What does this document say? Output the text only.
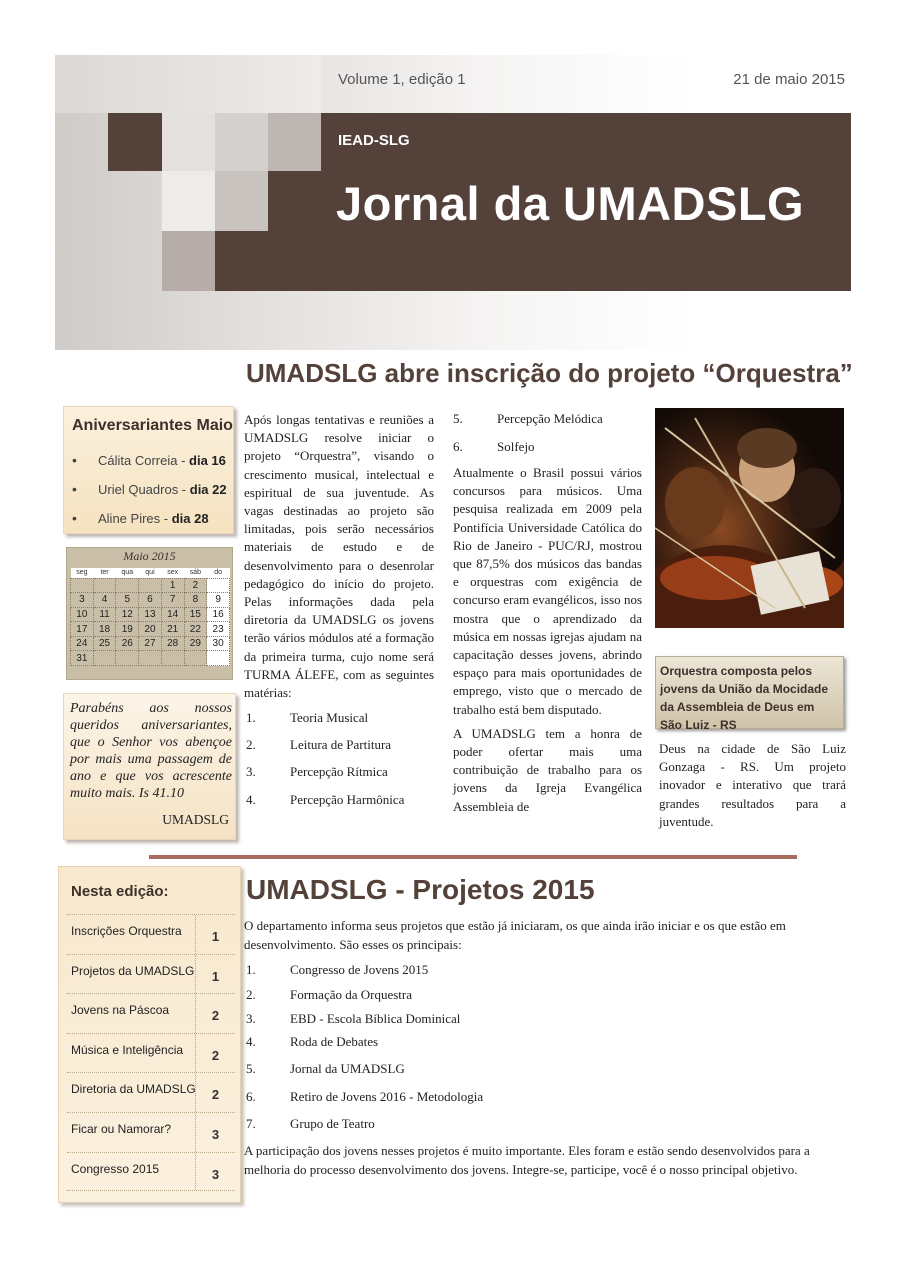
Volume 1, edição 1	21 de maio 2015
IEAD-SLG
Jornal da UMADSLG
UMADSLG abre inscrição do projeto “Orquestra”
Aniversariantes Maio
• Cálita Correia - dia 16
• Uriel Quadros - dia 22
• Aline Pires - dia 28
Maio 2015
seg	ter	qua	qui	sex	sáb	do
				1	2	
3	4	5	6	7	8	9
10	11	12	13	14	15	16
17	18	19	20	21	22	23
24	25	26	27	28	29	30
31						
Parabéns aos nossos queridos aniversariantes, que o Senhor vos abençoe por mais uma passagem de ano e que vos acrescente muito mais. Is 41.10
UMADSLG
Após longas tentativas e reuniões a UMADSLG resolve iniciar o projeto “Orquestra”, visando o crescimento musical, intelectual e espiritual de sua juventude. As vagas destinadas ao projeto são limitadas, pois serão necessários materiais de estudo e de desenvolvimento para o desenrolar pedagógico do início do projeto. Pelas informações dada pela diretoria da UMADSLG os jovens terão vários módulos até a formação da primeira turma, cujo nome será TURMA ÁLEFE, com as seguintes matérias:
1.	Teoria Musical
2.	Leitura de Partitura
3.	Percepção Rítmica
4.	Percepção Harmônica
5.	Percepção Melódica
6.	Solfejo
Atualmente o Brasil possui vários concursos para músicos. Uma pesquisa realizada em 2009 pela Pontifícia Universidade Católica do Rio de Janeiro - PUC/RJ, mostrou que 87,5% dos músicos das bandas e orquestras com exigência de concurso eram evangélicos, isso nos mostra que o aprendizado da música em nossas igrejas ajudam na capacitação desses jovens, abrindo espaço para mais oportunidades de emprego, visto que o mercado de trabalho está bem disputado.
A UMADSLG tem a honra de poder ofertar mais uma contribuição de trabalho para os jovens da Igreja Evangélica Assembleia de
Orquestra composta pelos jovens da União da Mocidade da Assembleia de Deus em São Luiz - RS
Deus na cidade de São Luiz Gonzaga - RS. Um projeto inovador e interativo que trará grandes resultados para a juventude.
Nesta edição:
Inscrições Orquestra	1
Projetos da UMADSLG	1
Jovens na Páscoa	2
Música e Inteligência	2
Diretoria da UMADSLG	2
Ficar ou Namorar?	3
Congresso 2015	3
UMADSLG - Projetos 2015
O departamento informa seus projetos que estão já iniciaram, os que ainda irão iniciar e os que estão em desenvolvimento. São esses os principais:
1.	Congresso de Jovens 2015
2.	Formação da Orquestra
3.	EBD - Escola Bíblica Dominical
4.	Roda de Debates
5.	Jornal da UMADSLG
6.	Retiro de Jovens 2016 - Metodologia
7.	Grupo de Teatro
A participação dos jovens nesses projetos é muito importante. Eles foram e estão sendo desenvolvidos para a melhoria do processo desenvolvimento dos jovens. Integre-se, participe, você é o nosso principal objetivo.
